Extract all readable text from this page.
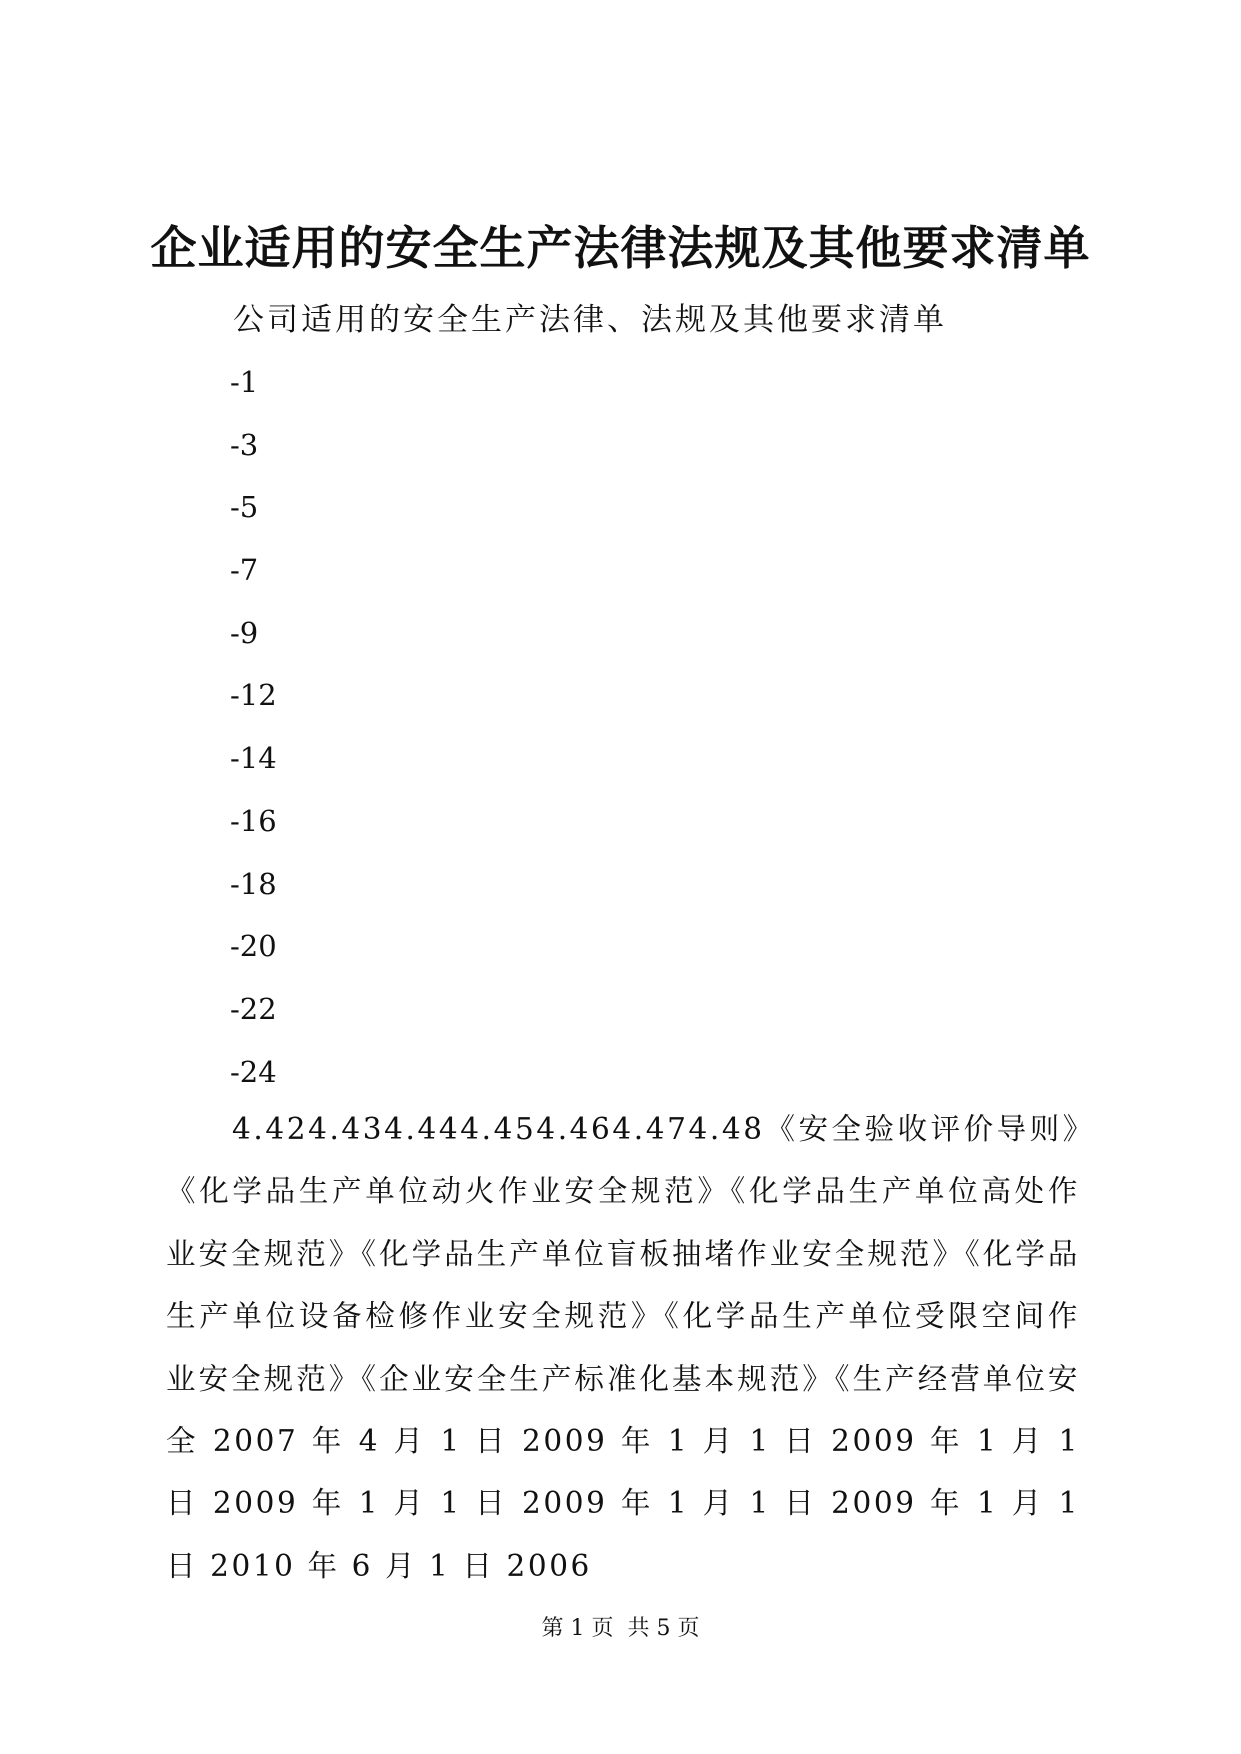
企业适用的安全生产法律法规及其他要求清单
公司适用的安全生产法律、法规及其他要求清单
-1
-3
-5
-7
-9
-12
-14
-16
-18
-20
-22
-24

4.424.434.444.454.464.474.48《安全验收评价导则》《化学品生产单位动火作业安全规范》《化学品生产单位高处作业安全规范》《化学品生产单位盲板抽堵作业安全规范》《化学品生产单位设备检修作业安全规范》《化学品生产单位受限空间作业安全规范》《企业安全生产标准化基本规范》《生产经营单位安全 2007 年 4 月 1 日 2009 年 1 月 1 日 2009 年 1 月 1 日 2009 年 1 月 1 日 2009 年 1 月 1 日 2009 年 1 月 1 日 2010 年 6 月 1 日 2006

第 1 页  共 5 页
